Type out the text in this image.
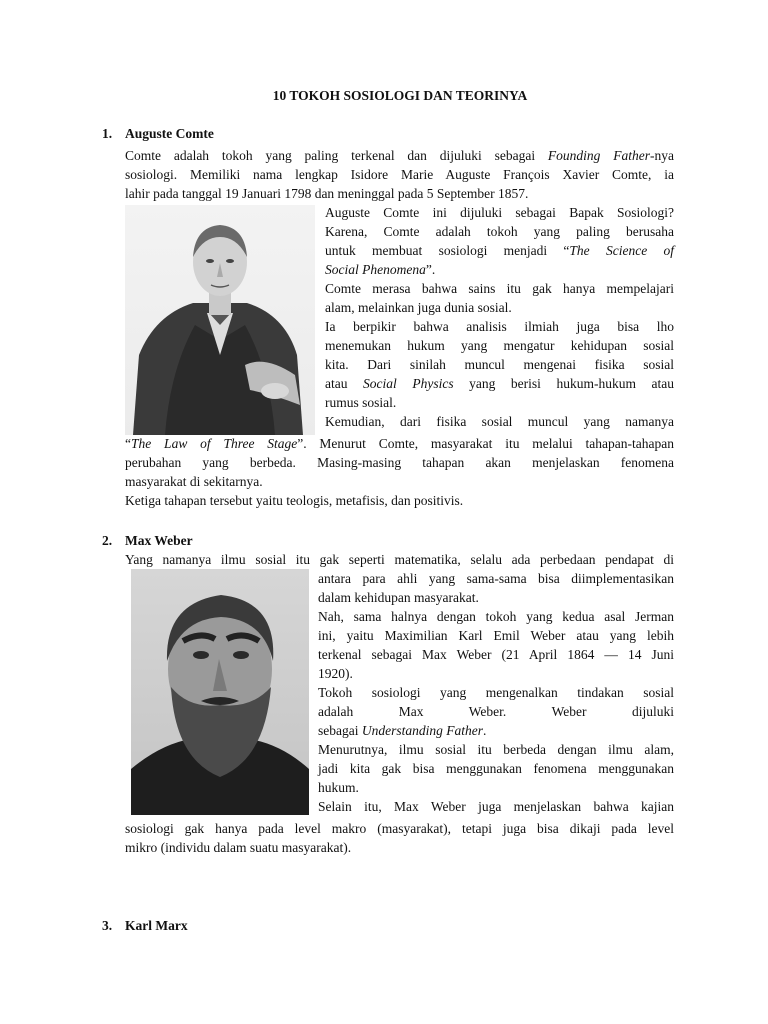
10 TOKOH SOSIOLOGI DAN TEORINYA
1. Auguste Comte
Comte adalah tokoh yang paling terkenal dan dijuluki sebagai Founding Father-nya
sosiologi. Memiliki nama lengkap Isidore Marie Auguste François Xavier Comte, ia
lahir pada tanggal 19 Januari 1798 dan meninggal pada 5 September 1857.
Auguste Comte ini dijuluki sebagai Bapak Sosiologi?
Karena, Comte adalah tokoh yang paling berusaha
untuk membuat sosiologi menjadi “The Science of
Social Phenomena”.
Comte merasa bahwa sains itu gak hanya mempelajari
alam, melainkan juga dunia sosial.
Ia berpikir bahwa analisis ilmiah juga bisa lho
menemukan hukum yang mengatur kehidupan sosial
kita. Dari sinilah muncul mengenai fisika sosial
atau Social Physics yang berisi hukum-hukum atau
rumus sosial.
Kemudian, dari fisika sosial muncul yang namanya
“The Law of Three Stage”. Menurut Comte, masyarakat itu melalui tahapan-tahapan
perubahan yang berbeda. Masing-masing tahapan akan menjelaskan fenomena
masyarakat di sekitarnya.
Ketiga tahapan tersebut yaitu teologis, metafisis, dan positivis.
2. Max Weber
Yang namanya ilmu sosial itu gak seperti matematika, selalu ada perbedaan pendapat di
antara para ahli yang sama-sama bisa diimplementasikan
dalam kehidupan masyarakat.
Nah, sama halnya dengan tokoh yang kedua asal Jerman
ini, yaitu Maximilian Karl Emil Weber atau yang lebih
terkenal sebagai Max Weber (21 April 1864 — 14 Juni
1920).
Tokoh sosiologi yang mengenalkan tindakan sosial
adalah Max Weber. Weber dijuluki
sebagai Understanding Father.
Menurutnya, ilmu sosial itu berbeda dengan ilmu alam,
jadi kita gak bisa menggunakan fenomena menggunakan
hukum.
Selain itu, Max Weber juga menjelaskan bahwa kajian
sosiologi gak hanya pada level makro (masyarakat), tetapi juga bisa dikaji pada level
mikro (individu dalam suatu masyarakat).
3. Karl Marx
